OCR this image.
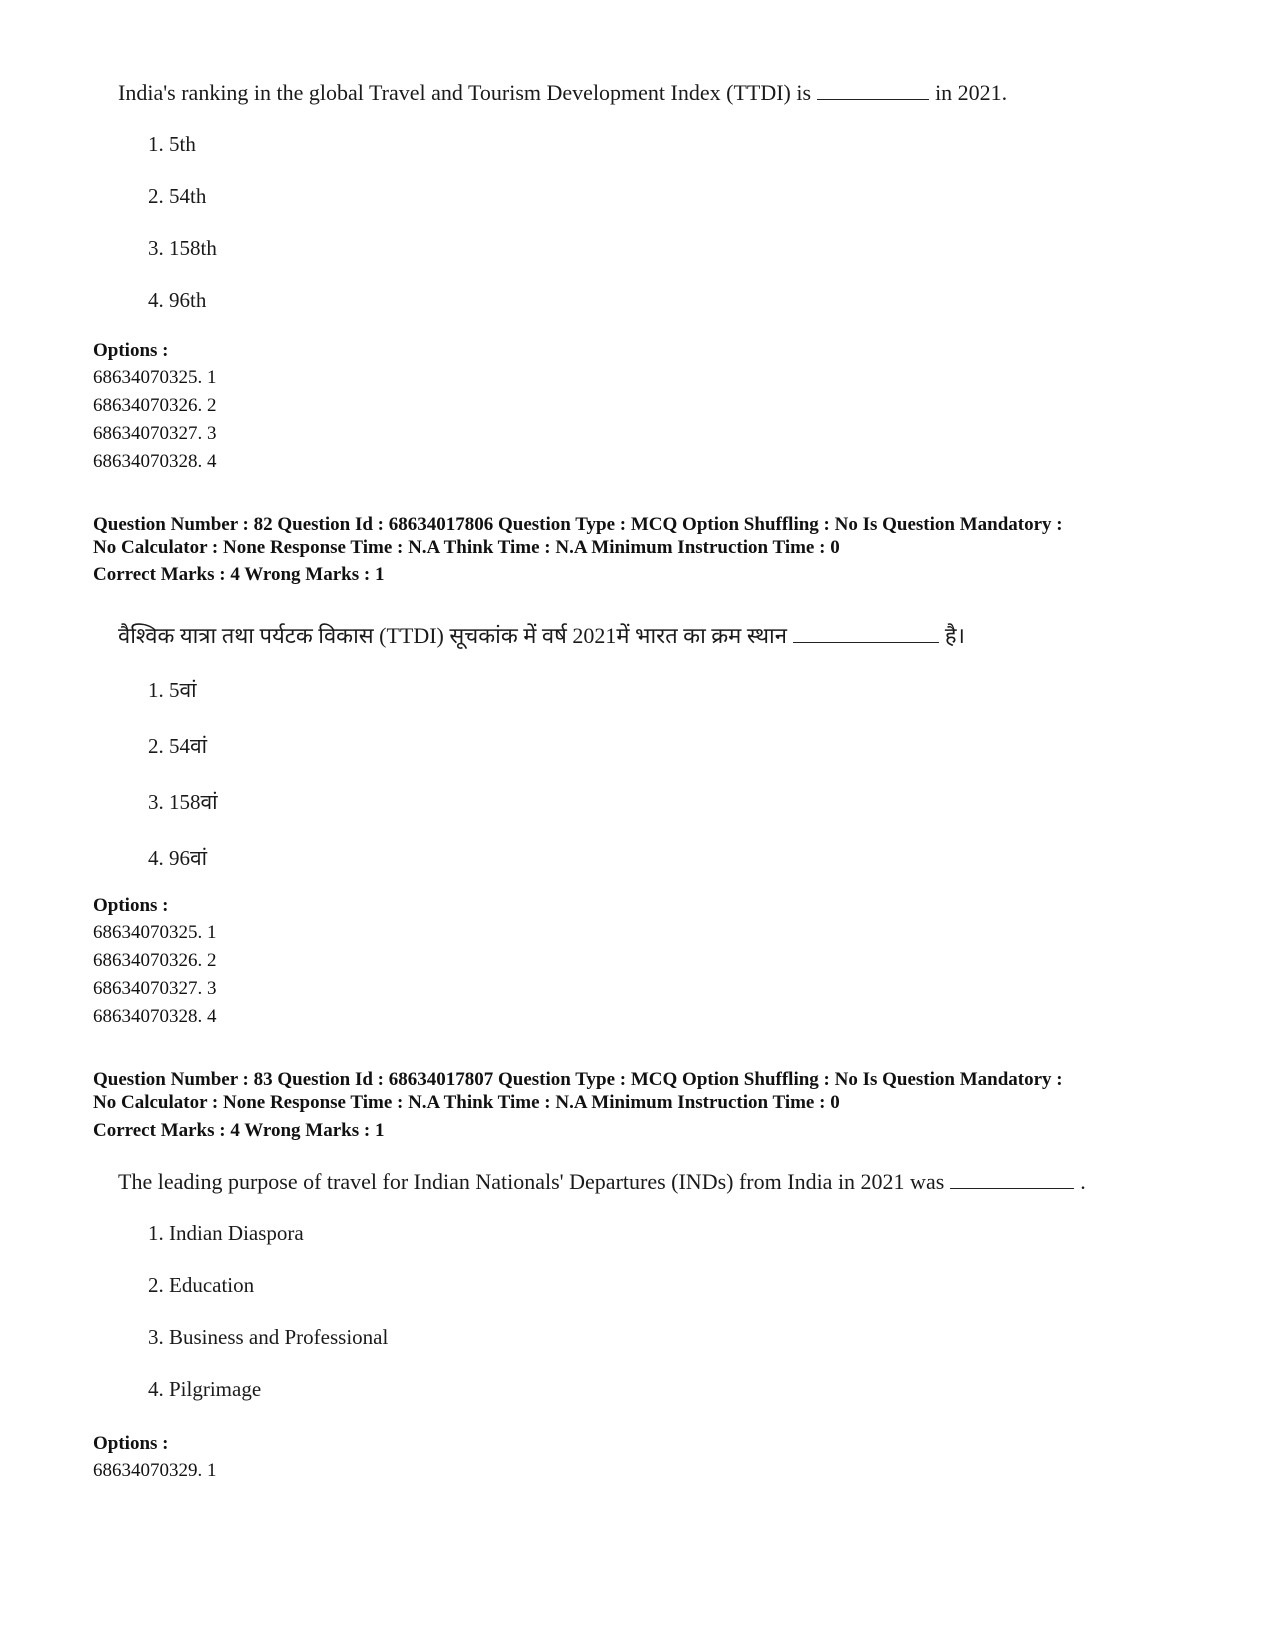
India's ranking in the global Travel and Tourism Development Index (TTDI) is	in 2021.
1. 5th
2. 54th
3. 158th
4. 96th
Options :
68634070325. 1
68634070326. 2
68634070327. 3
68634070328. 4
Question Number : 82 Question Id : 68634017806 Question Type : MCQ Option Shuffling : No Is Question Mandatory :
No Calculator : None Response Time : N.A Think Time : N.A Minimum Instruction Time : 0
Correct Marks : 4 Wrong Marks : 1
वैश्विक यात्रा तथा पर्यटक विकास (TTDI) सूचकांक में वर्ष 2021में भारत का क्रम स्थान	है।
1. 5वां
2. 54वां
3. 158वां
4. 96वां
Options :
68634070325. 1
68634070326. 2
68634070327. 3
68634070328. 4
Question Number : 83 Question Id : 68634017807 Question Type : MCQ Option Shuffling : No Is Question Mandatory :
No Calculator : None Response Time : N.A Think Time : N.A Minimum Instruction Time : 0
Correct Marks : 4 Wrong Marks : 1
The leading purpose of travel for Indian Nationals' Departures (INDs) from India in 2021 was	.
1. Indian Diaspora
2. Education
3. Business and Professional
4. Pilgrimage
Options :
68634070329. 1
